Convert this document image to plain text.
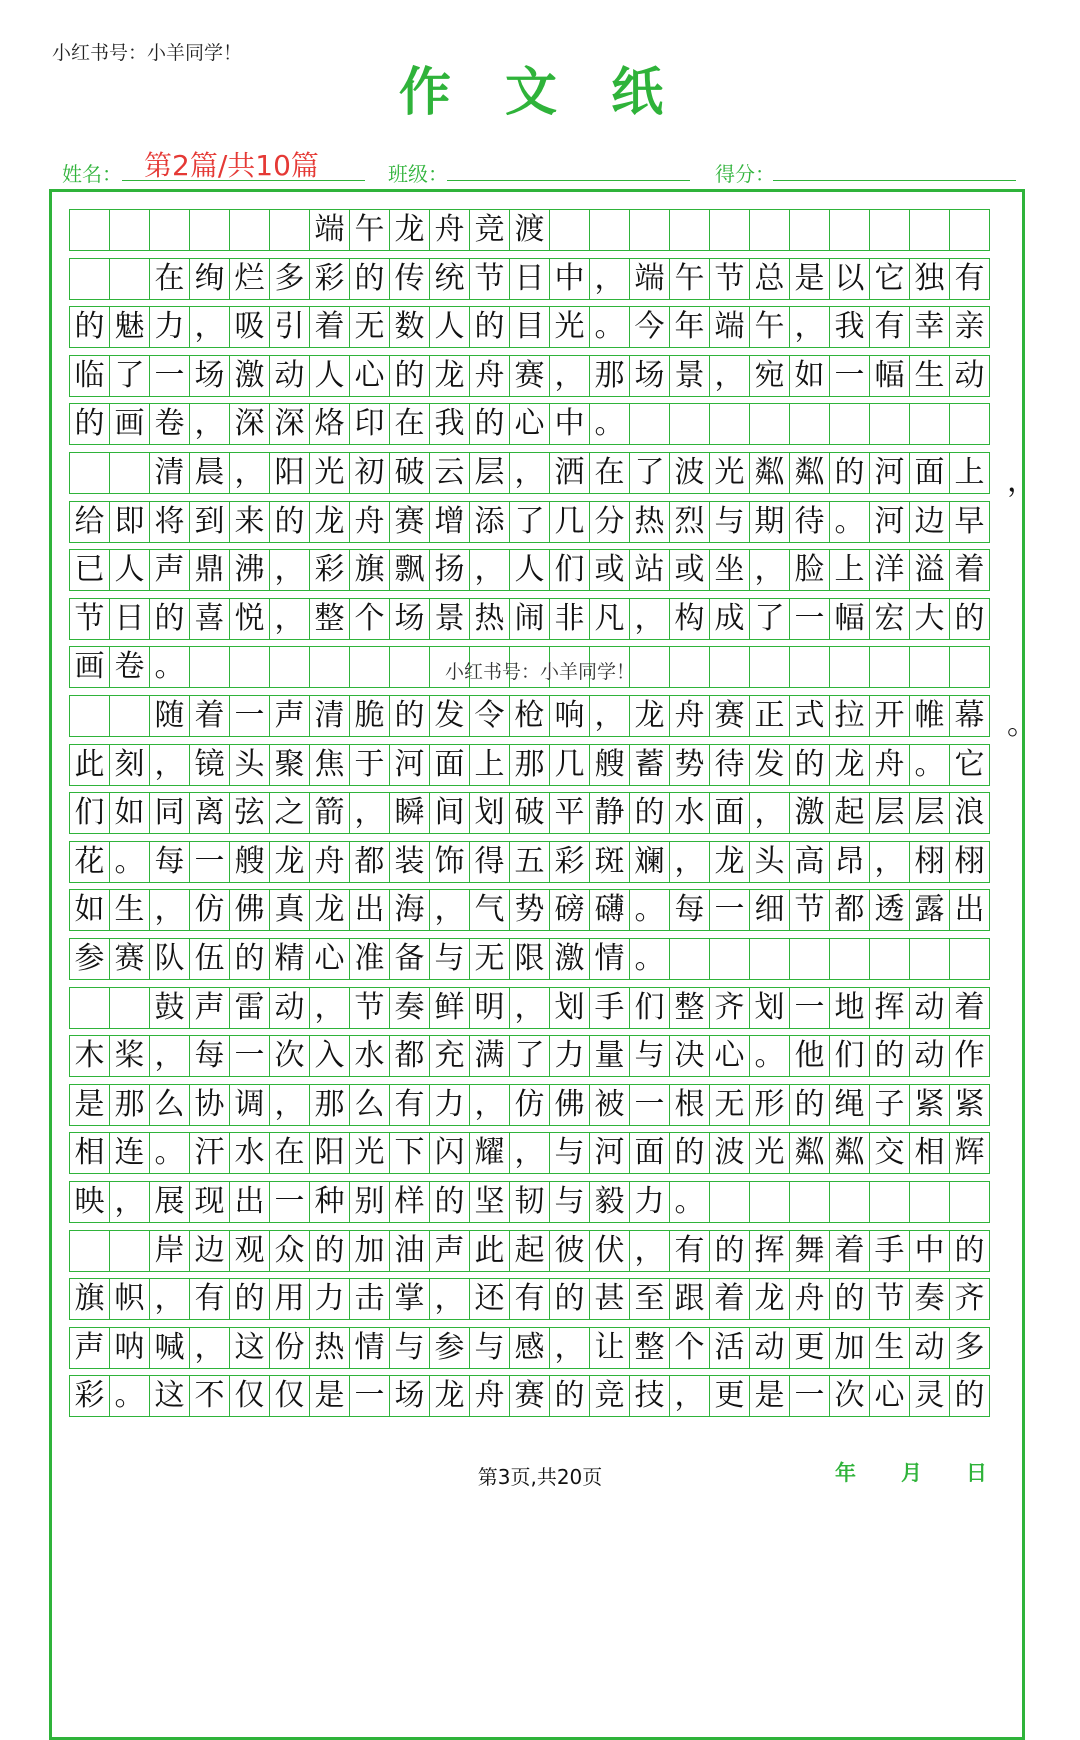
小红书号：小羊同学！
作 文 纸
姓名： 第2篇/共10篇	班级：	得分：
端 午 龙 舟 竞 渡
在 绚 烂 多 彩 的 传 统 节 日 中 ， 端 午 节 总 是 以 它 独 有
的 魅 力 ， 吸 引 着 无 数 人 的 目 光 。 今 年 端 午 ， 我 有 幸 亲
临 了 一 场 激 动 人 心 的 龙 舟 赛 ， 那 场 景 ， 宛 如 一 幅 生 动
的 画 卷 ， 深 深 烙 印 在 我 的 心 中 。
清 晨 ， 阳 光 初 破 云 层 ， 洒 在 了 波 光 粼 粼 的 河 面 上
给 即 将 到 来 的 龙 舟 赛 增 添 了 几 分 热 烈 与 期 待 。 河 边 早
已 人 声 鼎 沸 ， 彩 旗 飘 扬 ， 人 们 或 站 或 坐 ， 脸 上 洋 溢 着
节 日 的 喜 悦 ， 整 个 场 景 热 闹 非 凡 ， 构 成 了 一 幅 宏 大 的
画 卷 。
随 着 一 声 清 脆 的 发 令 枪 响 ， 龙 舟 赛 正 式 拉 开 帷 幕
此 刻 ， 镜 头 聚 焦 于 河 面 上 那 几 艘 蓄 势 待 发 的 龙 舟 。 它
们 如 同 离 弦 之 箭 ， 瞬 间 划 破 平 静 的 水 面 ， 激 起 层 层 浪
花 。 每 一 艘 龙 舟 都 装 饰 得 五 彩 斑 斓 ， 龙 头 高 昂 ， 栩 栩
如 生 ， 仿 佛 真 龙 出 海 ， 气 势 磅 礴 。 每 一 细 节 都 透 露 出
参 赛 队 伍 的 精 心 准 备 与 无 限 激 情 。
鼓 声 雷 动 ， 节 奏 鲜 明 ， 划 手 们 整 齐 划 一 地 挥 动 着
木 桨 ， 每 一 次 入 水 都 充 满 了 力 量 与 决 心 。 他 们 的 动 作
是 那 么 协 调 ， 那 么 有 力 ， 仿 佛 被 一 根 无 形 的 绳 子 紧 紧
相 连 。 汗 水 在 阳 光 下 闪 耀 ， 与 河 面 的 波 光 粼 粼 交 相 辉
映 ， 展 现 出 一 种 别 样 的 坚 韧 与 毅 力 。
岸 边 观 众 的 加 油 声 此 起 彼 伏 ， 有 的 挥 舞 着 手 中 的
旗 帜 ， 有 的 用 力 击 掌 ， 还 有 的 甚 至 跟 着 龙 舟 的 节 奏 齐
声 呐 喊 ， 这 份 热 情 与 参 与 感 ， 让 整 个 活 动 更 加 生 动 多
彩 。 这 不 仅 仅 是 一 场 龙 舟 赛 的 竞 技 ， 更 是 一 次 心 灵 的
，
。
小红书号：小羊同学！
第3页,共20页	年 月 日
